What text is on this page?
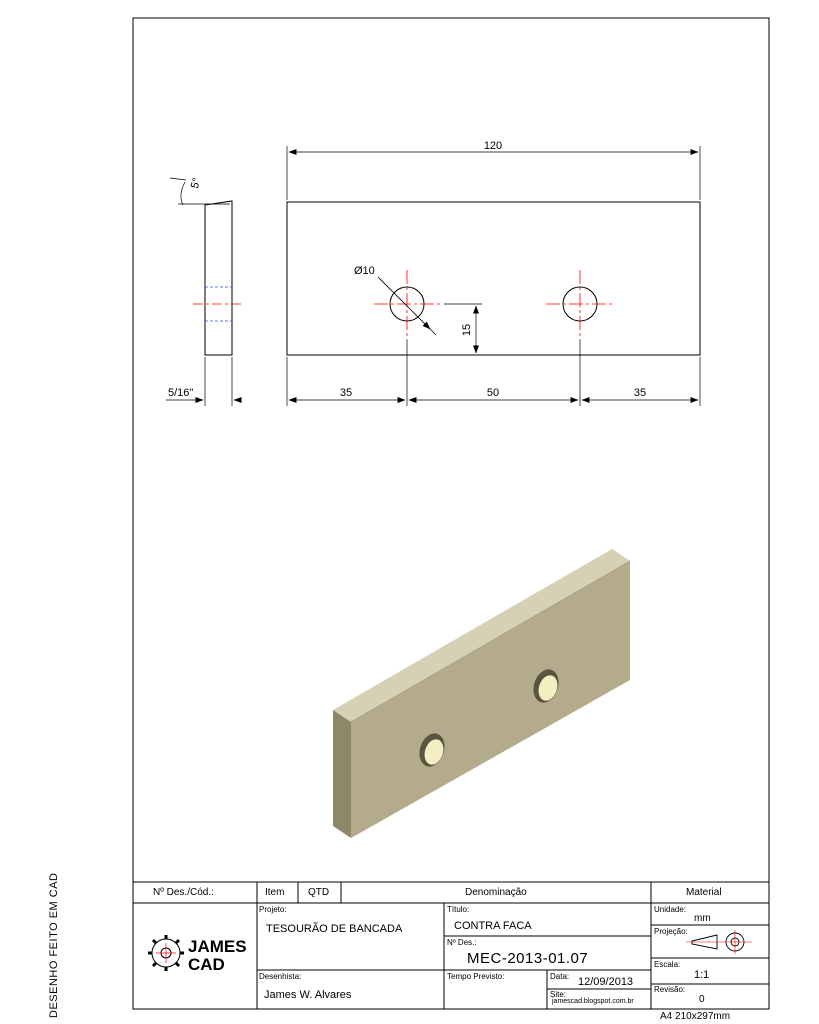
120
35	50	35
Ø10
15
5/16"
5°
DESENHO FEITO EM CAD	Nº Des./Cód.:	Item QTD	Denominação	Material
JAMES
CAD
Projeto:
TESOURÃO DE BANCADA
Título:
CONTRA FACA
Nº Des.:
MEC-2013-01.07
Desenhista:
James W. Alvares
Tempo Previsto:	Data: 12/09/2013
Site:
jamescad.blogspot.com.br
Unidade:
mm
Projeção:
Escala:
1:1
Revisão:
0
A4 210x297mm
